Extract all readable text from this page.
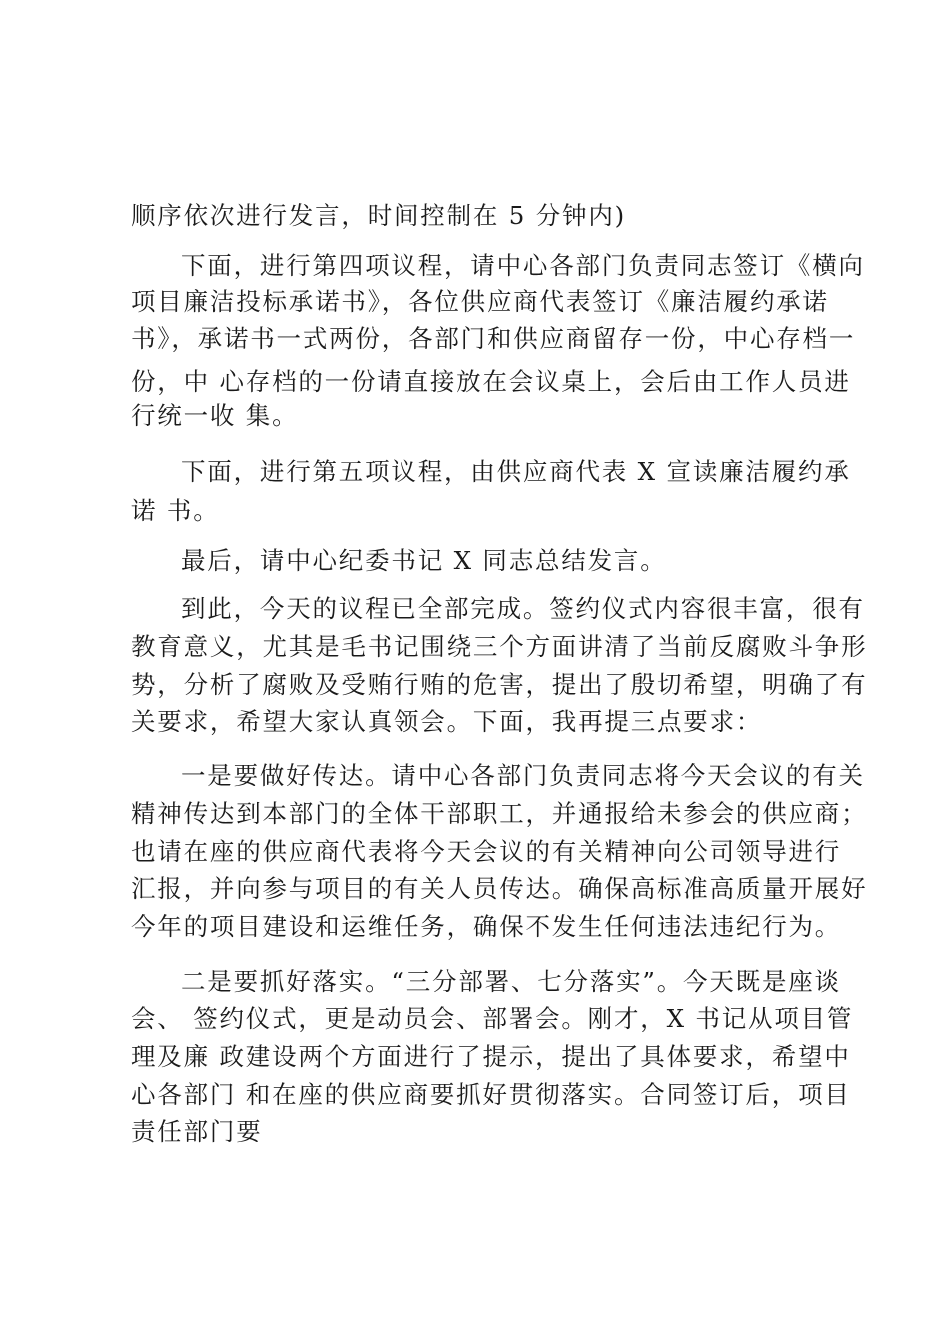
顺序依次进行发言，时间控制在 5 分钟内)

下面，进行第四项议程，请中心各部门负责同志签订《横向

项目廉洁投标承诺书》，各位供应商代表签订《廉洁履约承诺

书》，承诺书一式两份，各部门和供应商留存一份，中心存档一

份，中 心存档的一份请直接放在会议桌上，会后由工作人员进

行统一收 集。

下面，进行第五项议程，由供应商代表 X 宣读廉洁履约承

诺 书。

最后，请中心纪委书记 X 同志总结发言。

到此，今天的议程已全部完成。签约仪式内容很丰富，很有

教育意义，尤其是毛书记围绕三个方面讲清了当前反腐败斗争形

势，分析了腐败及受贿行贿的危害，提出了殷切希望，明确了有

关要求，希望大家认真领会。下面，我再提三点要求：

一是要做好传达。请中心各部门负责同志将今天会议的有关

精神传达到本部门的全体干部职工，并通报给未参会的供应商；

也请在座的供应商代表将今天会议的有关精神向公司领导进行

汇报，并向参与项目的有关人员传达。确保高标准高质量开展好

今年的项目建设和运维任务，确保不发生任何违法违纪行为。

二是要抓好落实。“三分部署、七分落实”。今天既是座谈

会、 签约仪式，更是动员会、部署会。刚才，X 书记从项目管

理及廉 政建设两个方面进行了提示，提出了具体要求，希望中

心各部门 和在座的供应商要抓好贯彻落实。合同签订后，项目

责任部门要
